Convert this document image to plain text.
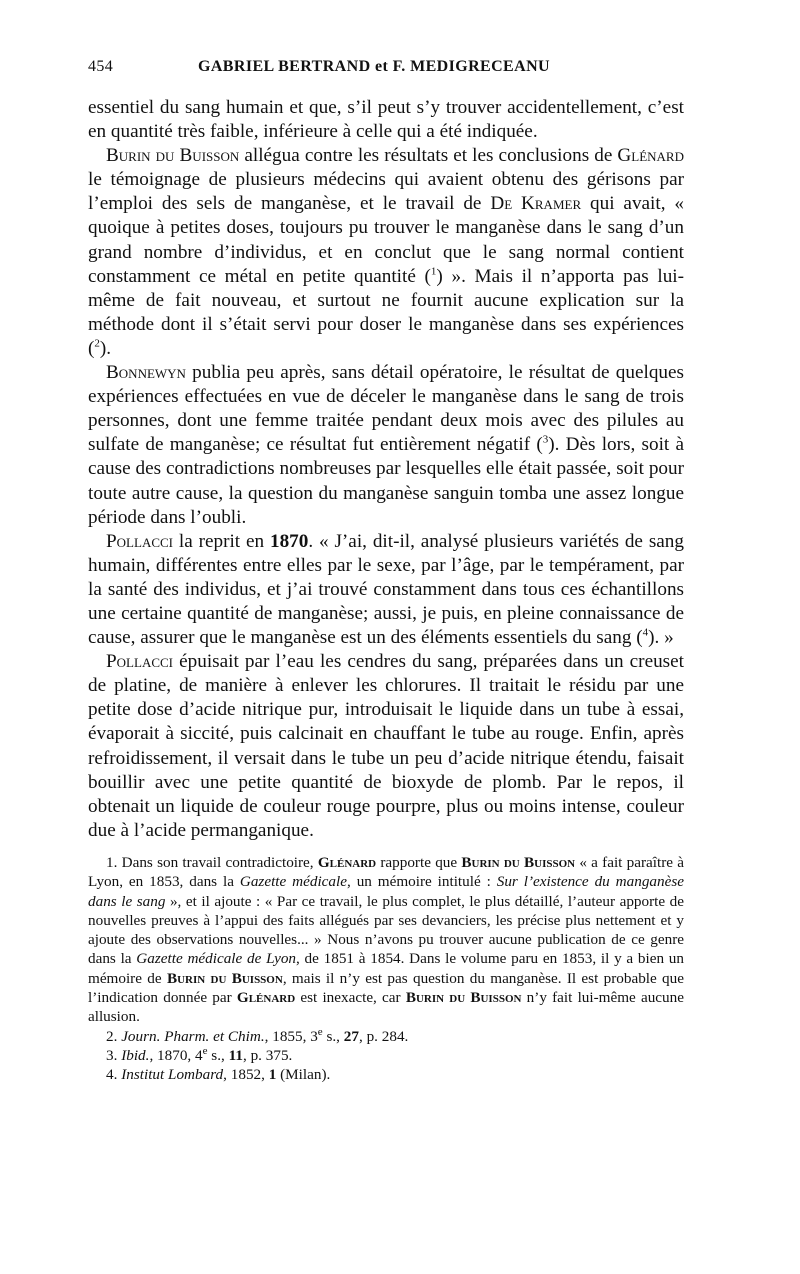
454	GABRIEL BERTRAND et F. MEDIGRECEANU

essentiel du sang humain et que, s’il peut s’y trouver accidentellement, c’est en quantité très faible, inférieure à celle qui a été indiquée.

Burin du Buisson allégua contre les résultats et les conclusions de Glénard le témoignage de plusieurs médecins qui avaient obtenu des gérisons par l’emploi des sels de manganèse, et le travail de De Kramer qui avait, « quoique à petites doses, toujours pu trouver le manganèse dans le sang d’un grand nombre d’individus, et en conclut que le sang normal contient constamment ce métal en petite quantité ($^1$) ». Mais il n’apporta pas lui-même de fait nouveau, et surtout ne fournit aucune explication sur la méthode dont il s’était servi pour doser le manganèse dans ses expériences ($^2$).

Bonnewyn publia peu après, sans détail opératoire, le résultat de quelques expériences effectuées en vue de déceler le manganèse dans le sang de trois personnes, dont une femme traitée pendant deux mois avec des pilules au sulfate de manganèse; ce résultat fut entièrement négatif ($^3$). Dès lors, soit à cause des contradictions nombreuses par lesquelles elle était passée, soit pour toute autre cause, la question du manganèse sanguin tomba une assez longue période dans l’oubli.

Pollacci la reprit en 1870. « J’ai, dit-il, analysé plusieurs variétés de sang humain, différentes entre elles par le sexe, par l’âge, par le tempérament, par la santé des individus, et j’ai trouvé constamment dans tous ces échantillons une certaine quantité de manganèse; aussi, je puis, en pleine connaissance de cause, assurer que le manganèse est un des éléments essentiels du sang ($^4$). »

Pollacci épuisait par l’eau les cendres du sang, préparées dans un creuset de platine, de manière à enlever les chlorures. Il traitait le résidu par une petite dose d’acide nitrique pur, introduisait le liquide dans un tube à essai, évaporait à siccité, puis calcinait en chauffant le tube au rouge. Enfin, après refroidissement, il versait dans le tube un peu d’acide nitrique étendu, faisait bouillir avec une petite quantité de bioxyde de plomb. Par le repos, il obtenait un liquide de couleur rouge pourpre, plus ou moins intense, couleur due à l’acide permanganique.

1. Dans son travail contradictoire, Glénard rapporte que Burin du Buisson « a fait paraître à Lyon, en 1853, dans la Gazette médicale, un mémoire intitulé : Sur l’existence du manganèse dans le sang », et il ajoute : « Par ce travail, le plus complet, le plus détaillé, l’auteur apporte de nouvelles preuves à l’appui des faits allégués par ses devanciers, les précise plus nettement et y ajoute des observations nouvelles... » Nous n’avons pu trouver aucune publication de ce genre dans la Gazette médicale de Lyon, de 1851 à 1854. Dans le volume paru en 1853, il y a bien un mémoire de Burin du Buisson, mais il n’y est pas question du manganèse. Il est probable que l’indication donnée par Glénard est inexacte, car Burin du Buisson n’y fait lui-même aucune allusion.

2. Journ. Pharm. et Chim., 1855, 3e s., 27, p. 284.

3. Ibid., 1870, 4e s., 11, p. 375.

4. Institut Lombard, 1852, 1 (Milan).
